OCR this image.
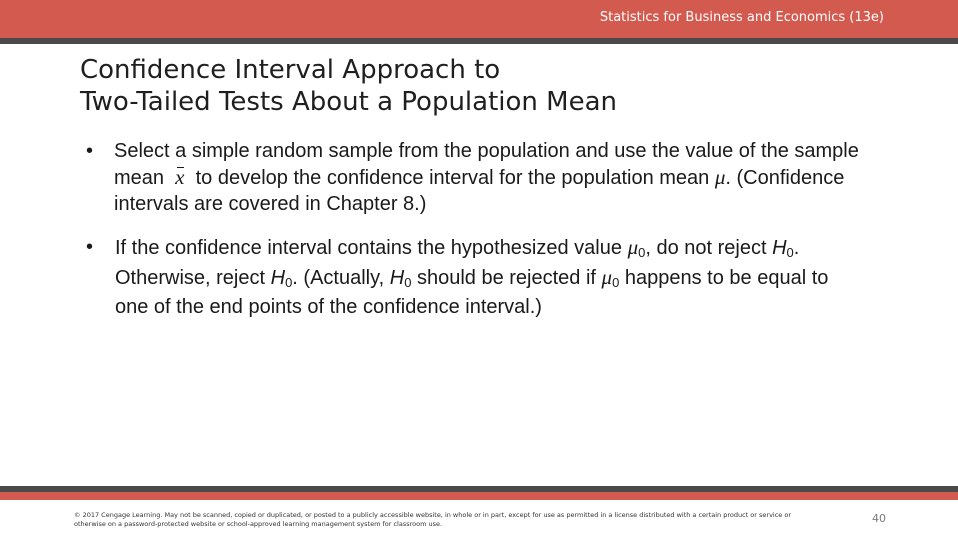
Statistics for Business and Economics (13e)
Confidence Interval Approach to
Two-Tailed Tests About a Population Mean
• Select a simple random sample from the population and use the value of the sample mean x to develop the confidence interval for the population mean μ. (Confidence intervals are covered in Chapter 8.)
• If the confidence interval contains the hypothesized value $\mu_0$, do not reject $H_0$. Otherwise, reject $H_0$. (Actually, $H_0$ should be rejected if $\mu_0$ happens to be equal to one of the end points of the confidence interval.)
© 2017 Cengage Learning. May not be scanned, copied or duplicated, or posted to a publicly accessible website, in whole or in part, except for use as permitted in a license distributed with a certain product or service or otherwise on a password-protected website or school-approved learning management system for classroom use.	40
